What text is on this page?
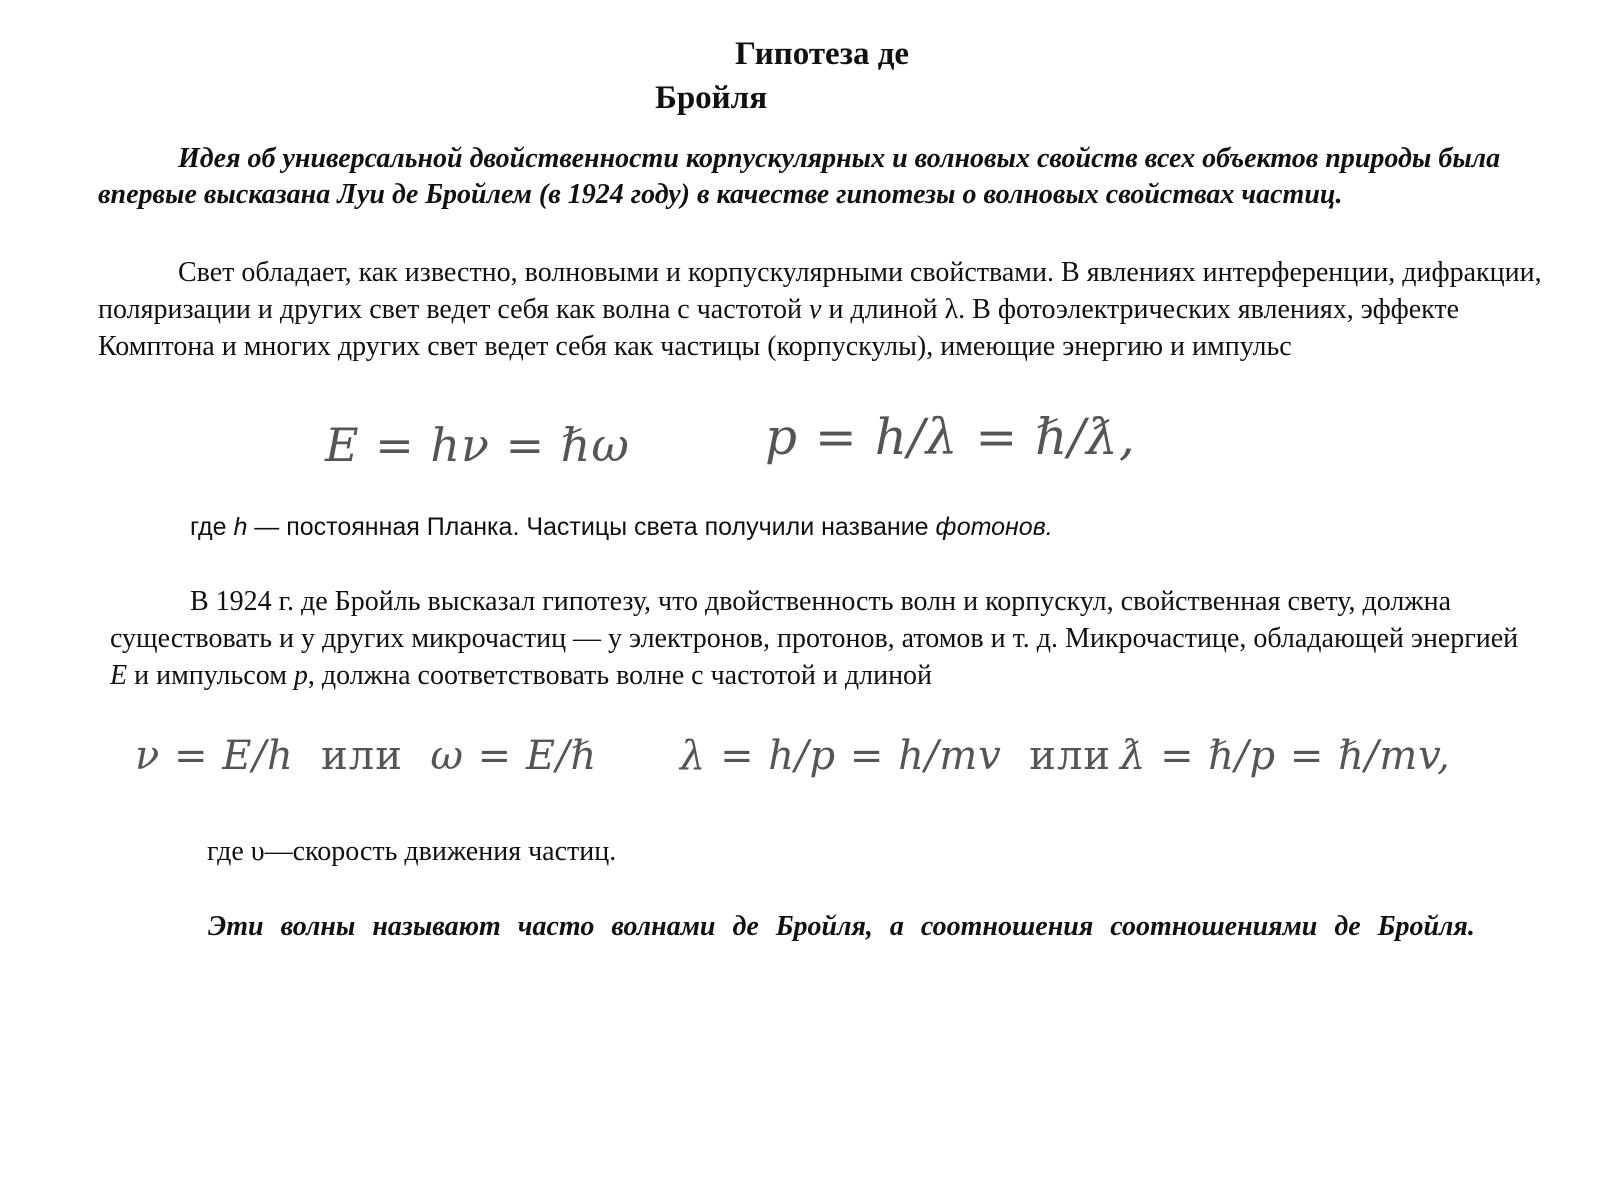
Гипотеза де
Бройля

Идея об универсальной двойственности корпускулярных и волновых свойств всех объектов природы была впервые высказана Луи де Бройлем (в 1924 году) в качестве гипотезы о волновых свойствах частиц.

Свет обладает, как известно, волновыми и корпускулярными свойствами. В явлениях интерференции, дифракции, поляризации и других свет ведет себя как волна с частотой ν и длиной λ. В фотоэлектрических явлениях, эффекте Комптона и многих других свет ведет себя как частицы (корпускулы), имеющие энергию и импульс

E = hν = ℏω	p = h/λ = ℏ/ƛ,
где h — постоянная Планка. Частицы света получили название фотонов.

В 1924 г. де Бройль высказал гипотезу, что двойственность волн и корпускул, свойственная свету, должна существовать и у других микрочастиц — у электронов, протонов, атомов и т. д. Микрочастице, обладающей энергией E и импульсом p, должна соответствовать волне с частотой и длиной

ν = E/h или ω = E/ℏ λ = h/p = h/mv или ƛ = ℏ/p = ℏ/mv,
где υ—скорость движения частиц.

Эти волны называют часто волнами де Бройля, а соотношения соотношениями де Бройля.
